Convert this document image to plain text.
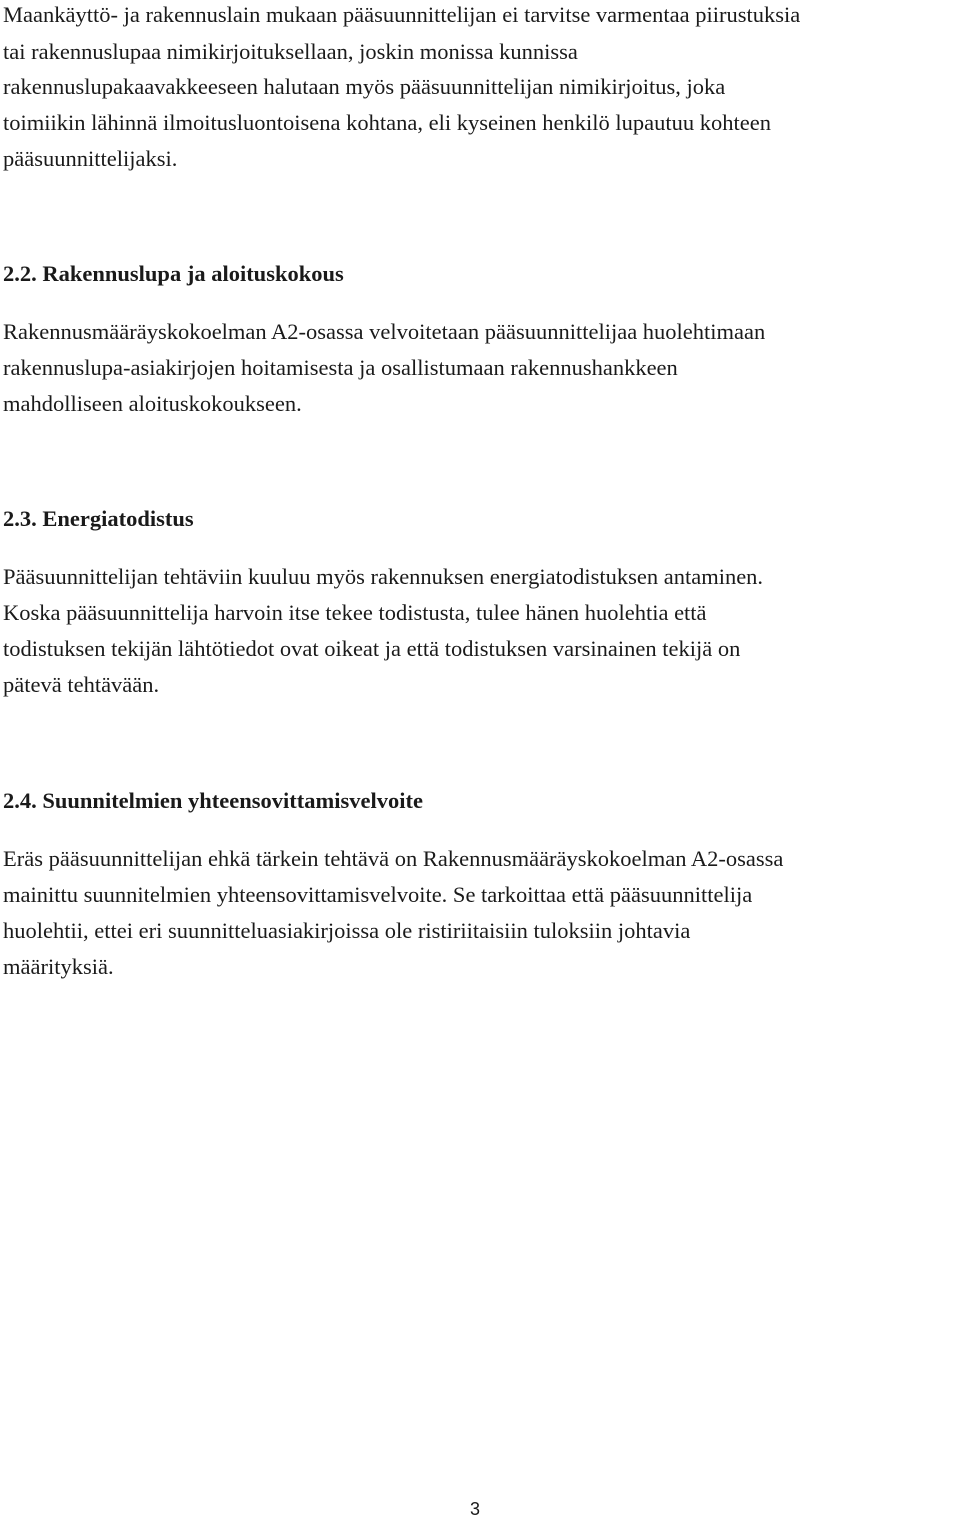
Maankäyttö- ja rakennuslain mukaan pääsuunnittelijan ei tarvitse varmentaa piirustuksia
tai rakennuslupaa nimikirjoituksellaan, joskin monissa kunnissa
rakennuslupakaavakkeeseen halutaan myös pääsuunnittelijan nimikirjoitus, joka
toimiikin lähinnä ilmoitusluontoisena kohtana, eli kyseinen henkilö lupautuu kohteen
pääsuunnittelijaksi.
2.2. Rakennuslupa ja aloituskokous
Rakennusmääräyskokoelman A2-osassa velvoitetaan pääsuunnittelijaa huolehtimaan
rakennuslupa-asiakirjojen hoitamisesta ja osallistumaan rakennushankkeen
mahdolliseen aloituskokoukseen.
2.3. Energiatodistus
Pääsuunnittelijan tehtäviin kuuluu myös rakennuksen energiatodistuksen antaminen.
Koska pääsuunnittelija harvoin itse tekee todistusta, tulee hänen huolehtia että
todistuksen tekijän lähtötiedot ovat oikeat ja että todistuksen varsinainen tekijä on
pätevä tehtävään.
2.4. Suunnitelmien yhteensovittamisvelvoite
Eräs pääsuunnittelijan ehkä tärkein tehtävä on Rakennusmääräyskokoelman A2-osassa
mainittu suunnitelmien yhteensovittamisvelvoite. Se tarkoittaa että pääsuunnittelija
huolehtii, ettei eri suunnitteluasiakirjoissa ole ristiriitaisiin tuloksiin johtavia
määrityksiä.
3
